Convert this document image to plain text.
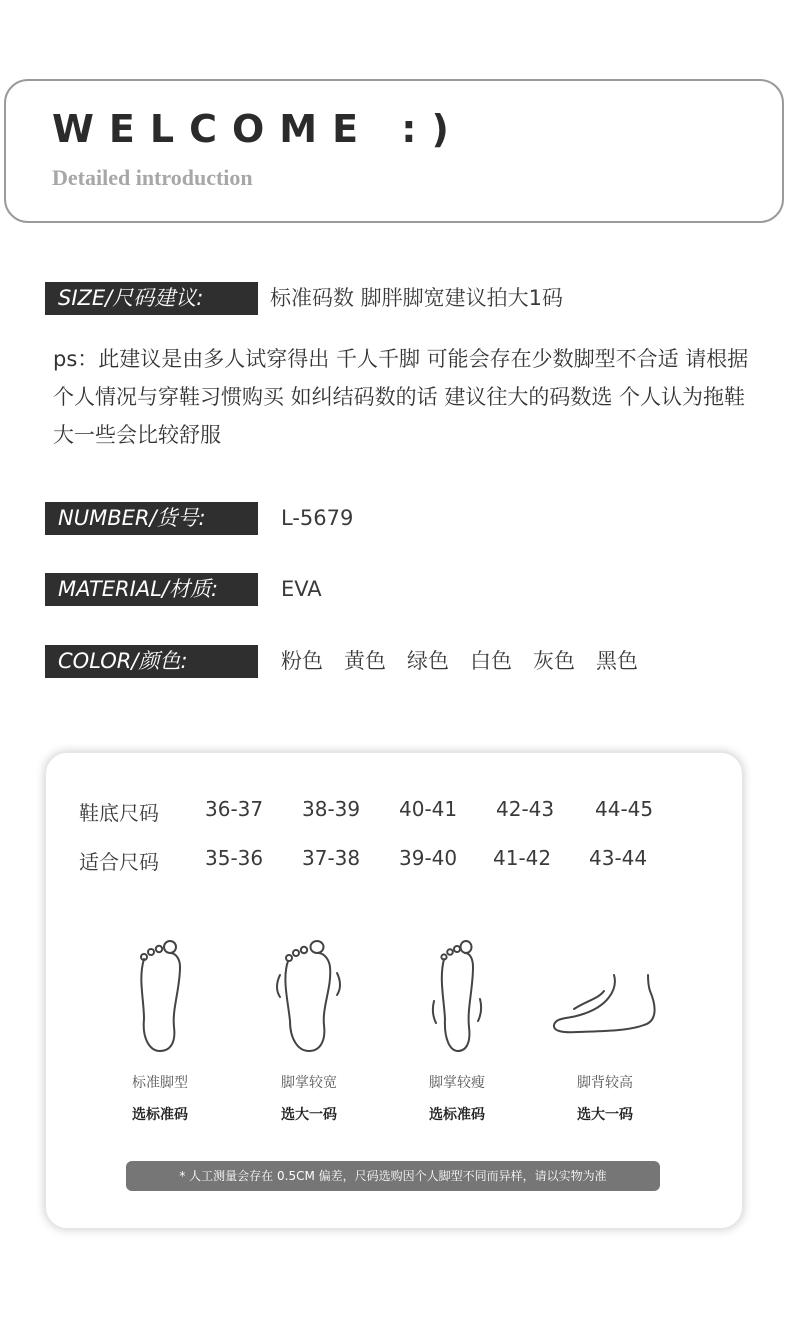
WELCOME :)
Detailed introduction
SIZE/尺码建议:	标准码数 脚胖脚宽建议拍大1码
ps：此建议是由多人试穿得出 千人千脚 可能会存在少数脚型不合适 请根据个人情况与穿鞋习惯购买 如纠结码数的话 建议往大的码数选 个人认为拖鞋大一些会比较舒服
NUMBER/货号:	L-5679
MATERIAL/材质:	EVA
COLOR/颜色:	粉色 黄色 绿色 白色 灰色 黑色
鞋底尺码 36-37 38-39 40-41 42-43 44-45
适合尺码 35-36 37-38 39-40 41-42 43-44
标准脚型
选标准码
脚掌较宽
选大一码
脚掌较瘦
选标准码
脚背较高
选大一码
* 人工测量会存在 0.5CM 偏差，尺码选购因个人脚型不同而异样，请以实物为准
